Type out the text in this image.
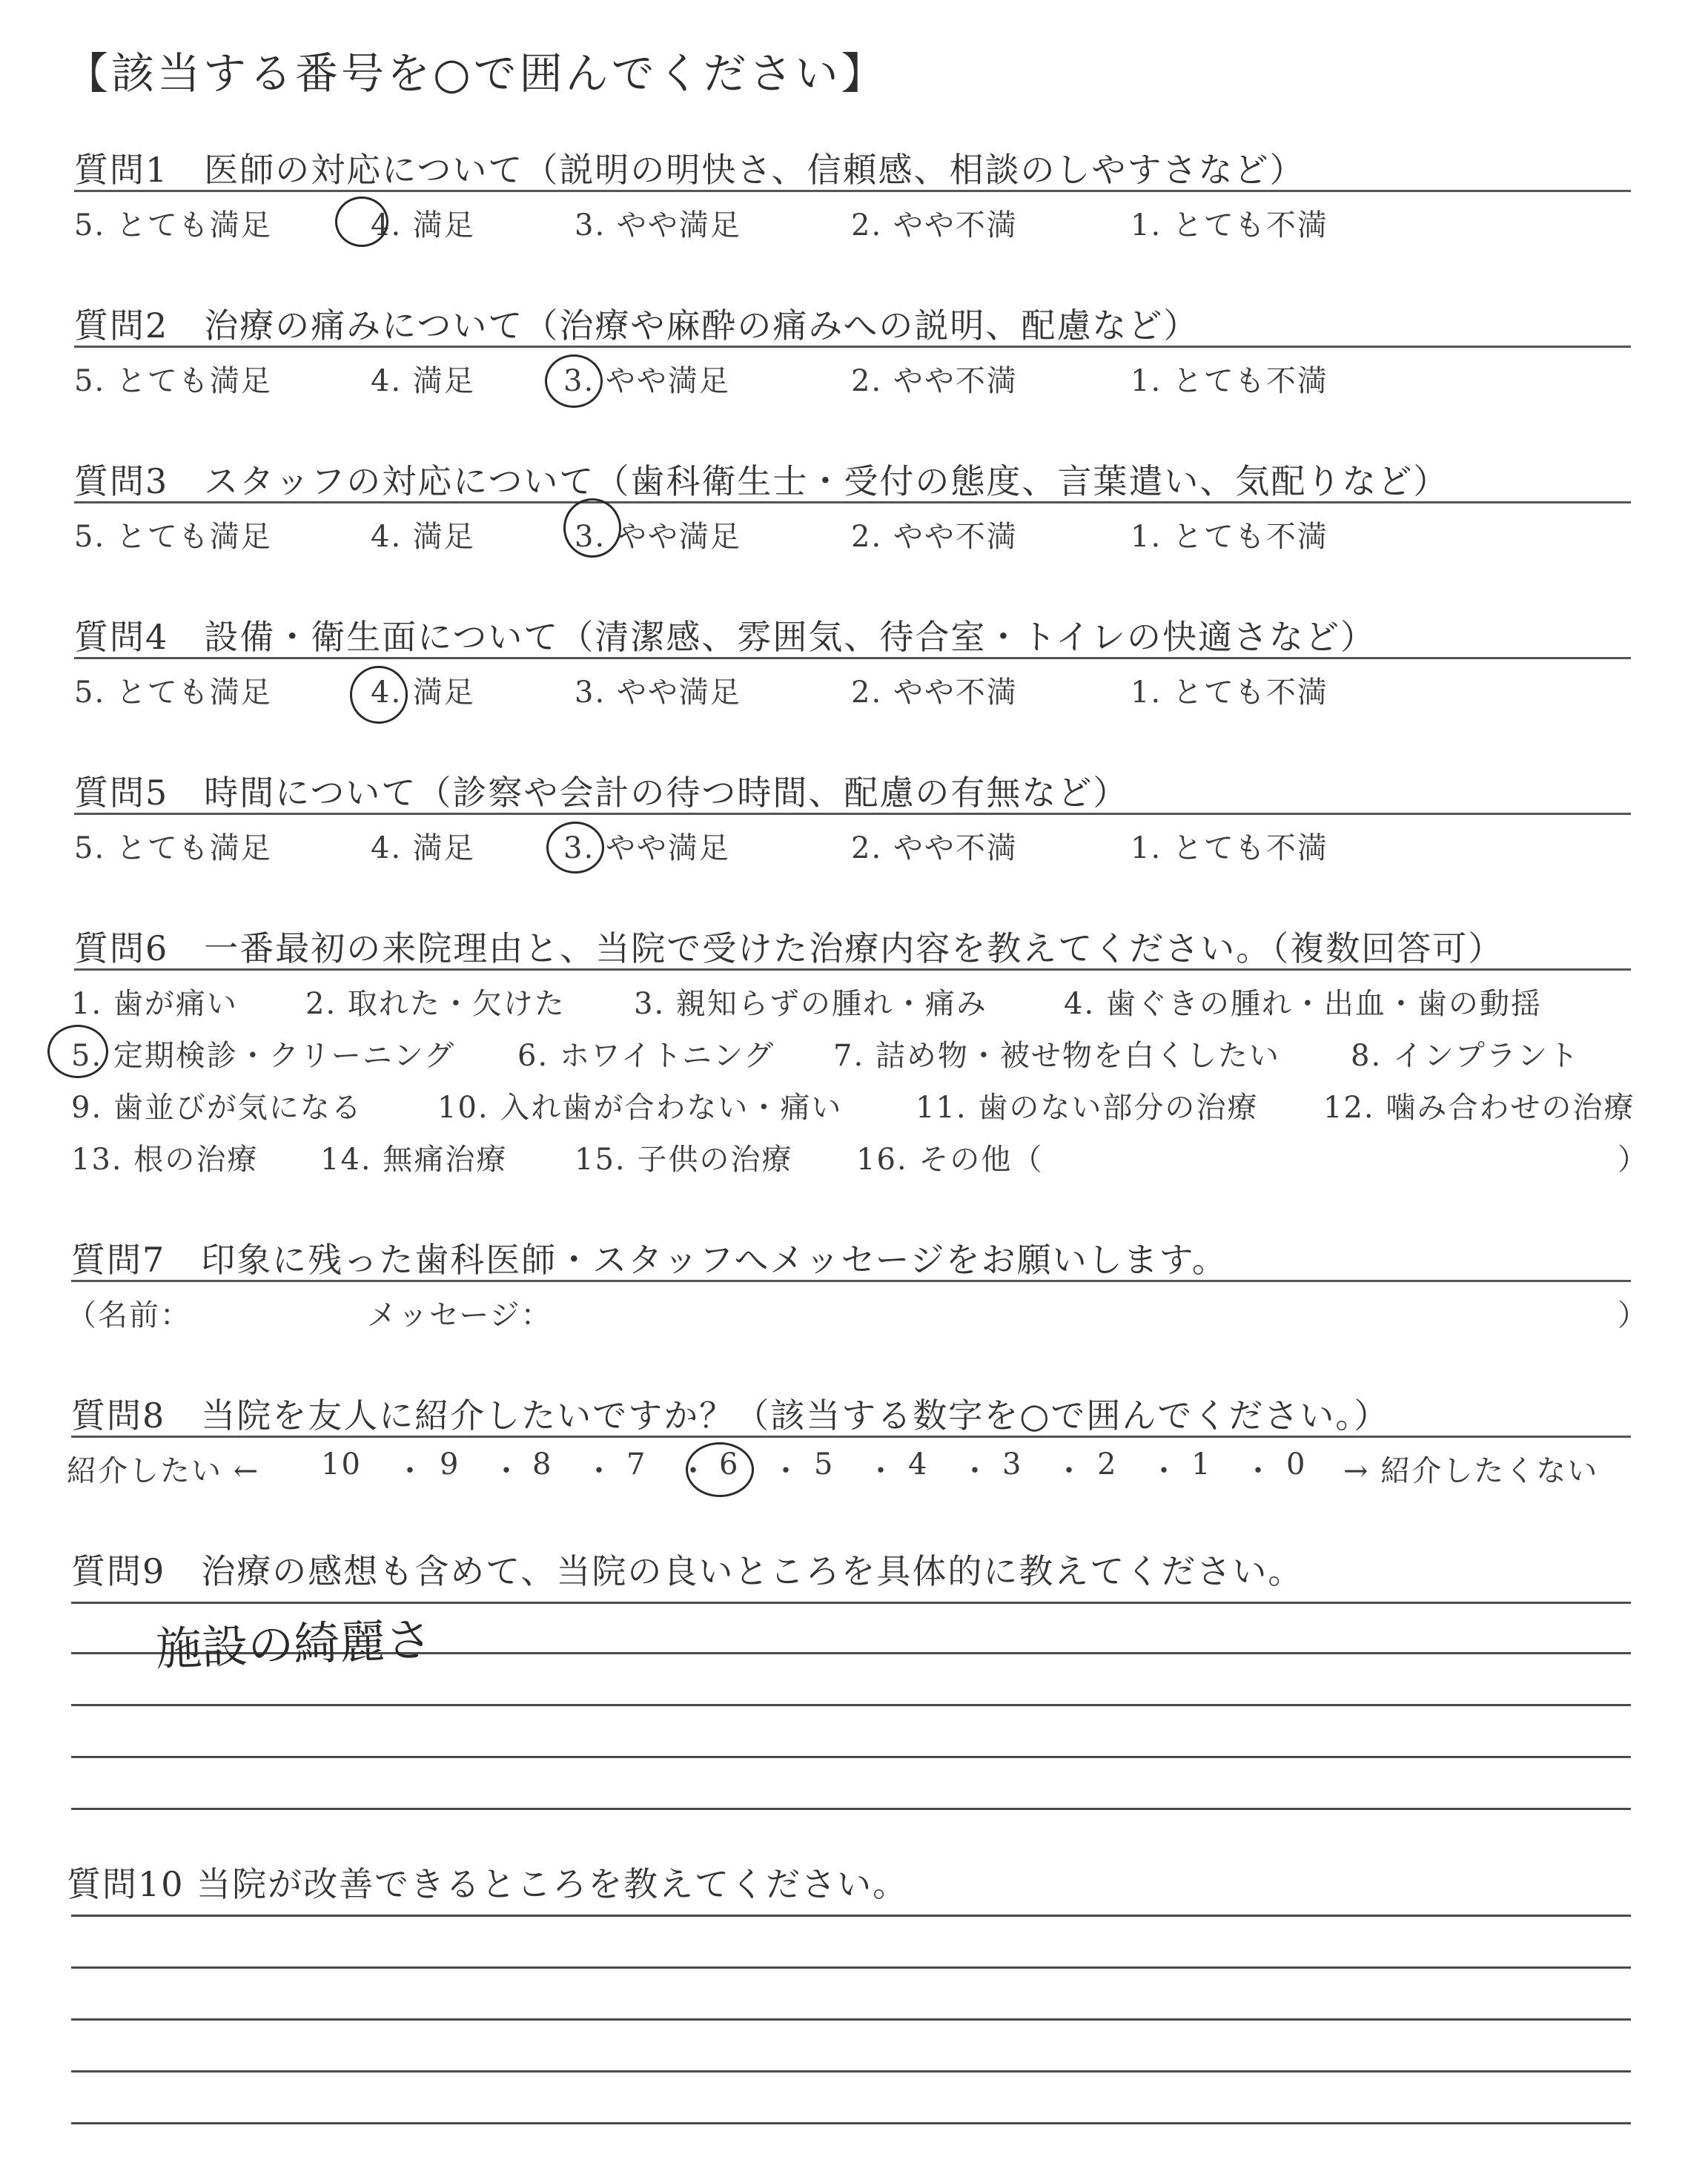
【該当する番号を○で囲んでください】
質問1　医師の対応について（説明の明快さ、信頼感、相談のしやすさなど）
5. とても満足	4. 満足	3. やや満足	2. やや不満	1. とても不満
質問2　治療の痛みについて（治療や麻酔の痛みへの説明、配慮など）
5. とても満足	4. 満足	3. やや満足	2. やや不満	1. とても不満
質問3　スタッフの対応について（歯科衛生士・受付の態度、言葉遣い、気配りなど）
5. とても満足	4. 満足	3. やや満足	2. やや不満	1. とても不満
質問4　設備・衛生面について（清潔感、雰囲気、待合室・トイレの快適さなど）
5. とても満足	4. 満足	3. やや満足	2. やや不満	1. とても不満
質問5　時間について（診察や会計の待つ時間、配慮の有無など）
5. とても満足	4. 満足	3. やや満足	2. やや不満	1. とても不満
質問6　一番最初の来院理由と、当院で受けた治療内容を教えてください。（複数回答可）
1. 歯が痛い 2. 取れた・欠けた 3. 親知らずの腫れ・痛み	4. 歯ぐきの腫れ・出血・歯の動揺
5. 定期検診・クリーニング 6. ホワイトニング 7. 詰め物・被せ物を白くしたい 8. インプラント
9. 歯並びが気になる	10. 入れ歯が合わない・痛い 11. 歯のない部分の治療 12. 噛み合わせの治療
13. 根の治療 14. 無痛治療 15. 子供の治療 16. その他（	）
質問7　印象に残った歯科医師・スタッフへメッセージをお願いします。
（名前：	メッセージ：	）
質問8　当院を友人に紹介したいですか？（該当する数字を○で囲んでください。）
紹介したい ← 10 ・ 9 ・ 8 ・ 7 ・ 6 ・ 5 ・ 4 ・ 3 ・ 2 ・ 1 ・ 0 → 紹介したくない
質問9　治療の感想も含めて、当院の良いところを具体的に教えてください。
施設の綺麗さ
質問10 当院が改善できるところを教えてください。
